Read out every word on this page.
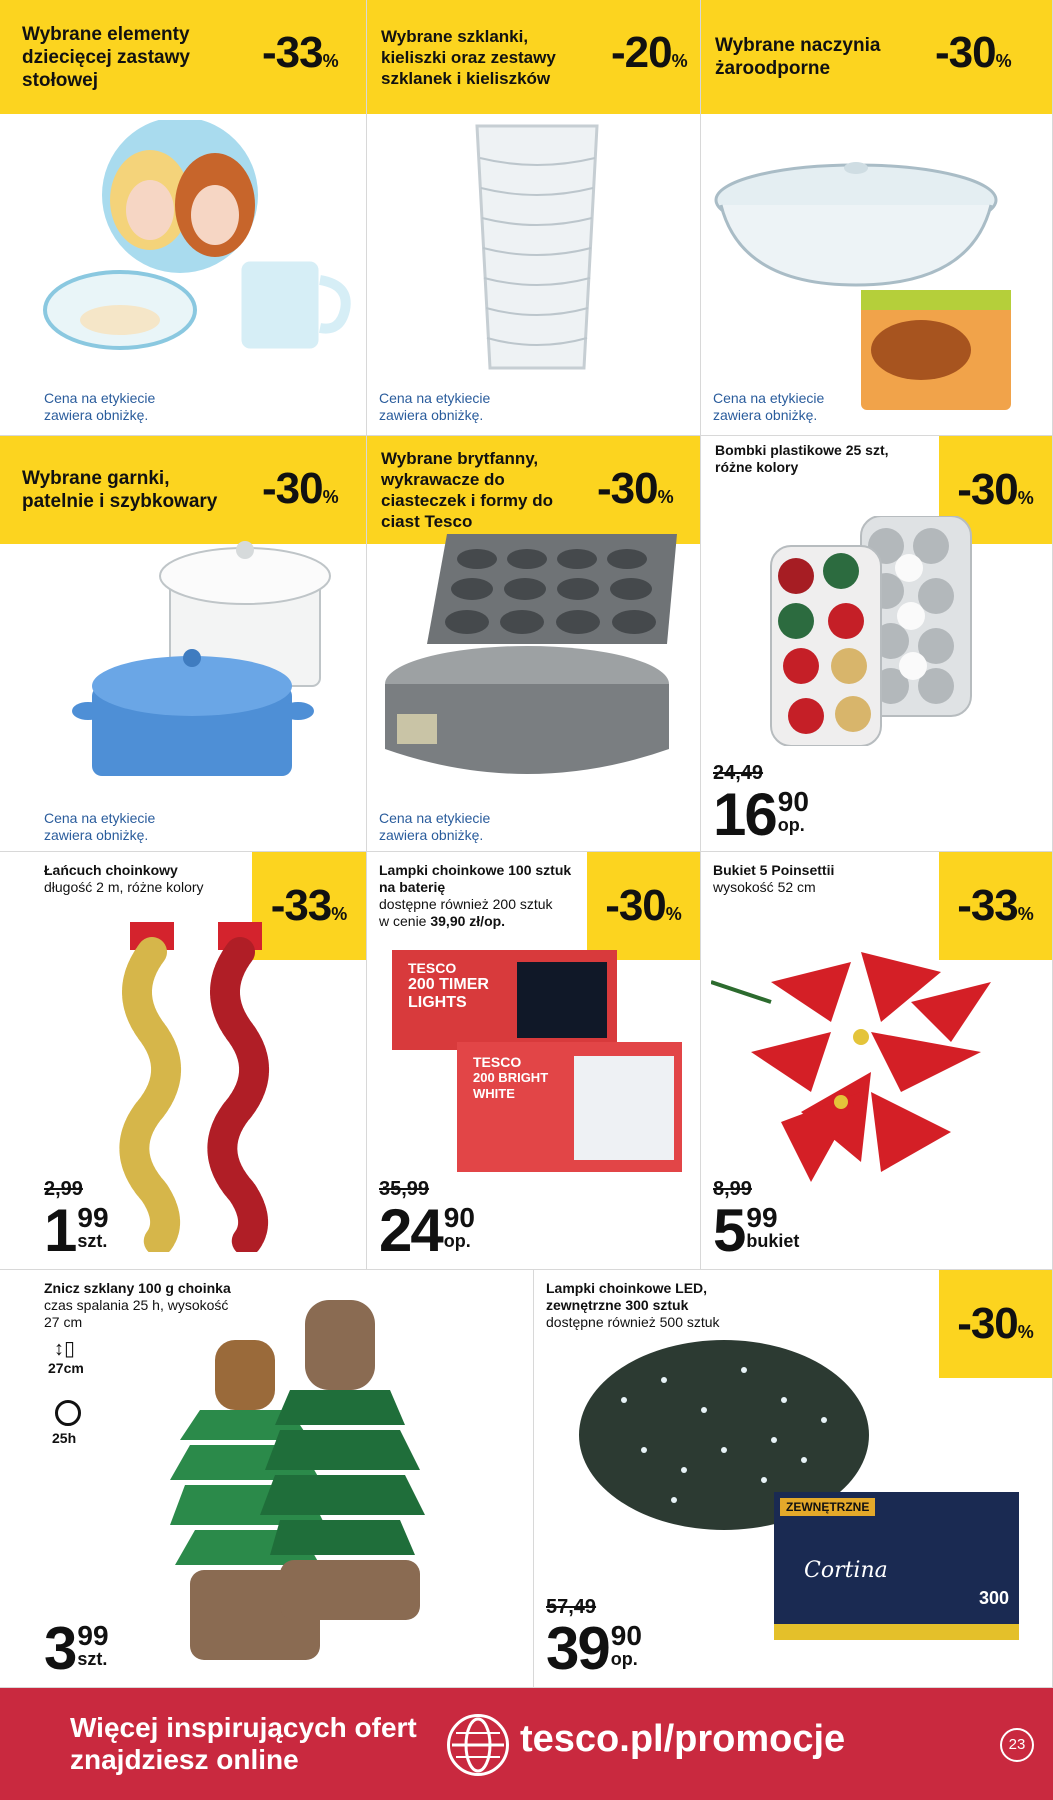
Wybrane elementy dziecięcej zastawy stołowej
-33%
Cena na etykiecie zawiera obniżkę.
Wybrane szklanki, kieliszki oraz zestawy szklanek i kieliszków
-20%
Cena na etykiecie zawiera obniżkę.
Wybrane naczynia żaroodporne	-30%
Cena na etykiecie zawiera obniżkę.
Wybrane garnki, patelnie i szybkowary -30%
Cena na etykiecie zawiera obniżkę.
Wybrane brytfanny, wykrawacze do ciasteczek i formy do ciast Tesco
-30%
Cena na etykiecie zawiera obniżkę.
Bombki plastikowe 25 szt, różne kolory	-30%
24,49
16 90
op.
Łańcuch choinkowy
długość 2 m, różne kolory -33%
2,99
1 99
szt.
Lampki choinkowe 100 sztuk na baterię
dostępne również 200 sztuk w cenie 39,90 zł/op.	-30%
TESCO
200 TIMER LIGHTS
TESCO
200 BRIGHT WHITE
35,99
24 90
op.
Bukiet 5 Poinsettii
wysokość 52 cm	-33%
8,99
5 99
bukiet
Znicz szklany 100 g choinka
czas spalania 25 h, wysokość 27 cm
↕▯
27cm
25h
3 99
szt.
Lampki choinkowe LED, zewnętrzne 300 sztuk
dostępne również 500 sztuk	-30%
ZEWNĘTRZNE
Cortina
300
57,49
39 90
op.
Więcej inspirujących ofert
znajdziesz online	tesco.pl/promocje	23
